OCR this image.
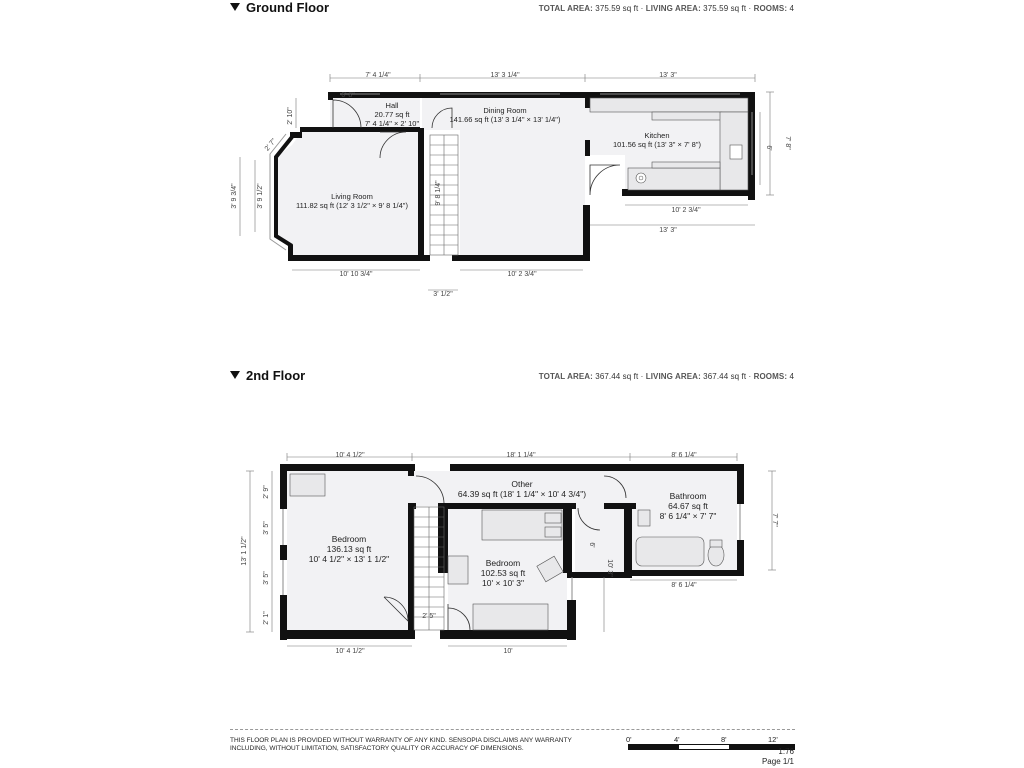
Ground Floor	TOTAL AREA: 375.59 sq ft · LIVING AREA: 375.59 sq ft · ROOMS: 4
2nd Floor	TOTAL AREA: 367.44 sq ft · LIVING AREA: 367.44 sq ft · ROOMS: 4
7' 4 1/4"	13' 3 1/4"	13' 3"
6' 8"
7' 8"
6'
10' 2 3/4"
13' 3"
2' 10"
2' 7"
3' 9 3/4"	3' 9 1/2"	9' 8 1/4"
10' 10 3/4"	10' 2 3/4"
3' 1/2"
Hall
20.77 sq ft
7' 4 1/4" × 2' 10"
Dining Room
141.66 sq ft (13' 3 1/4" × 13' 1/4")
Kitchen
101.56 sq ft (13' 3" × 7' 8")
Living Room
111.82 sq ft (12' 3 1/2" × 9' 8 1/4")
10' 4 1/2"	18' 1 1/4"	8' 6 1/4"
7' 7"
13' 1 1/2"
2' 9"
3' 5"
3' 5"
2' 1"
10' 4 1/2"	10'
8' 6 1/4"
6'
10' 3"
2' 5"
Other
64.39 sq ft (18' 1 1/4" × 10' 4 3/4")
Bedroom
136.13 sq ft
10' 4 1/2" × 13' 1 1/2"	Bedroom
102.53 sq ft
10' × 10' 3"
Bathroom
64.67 sq ft
8' 6 1/4" × 7' 7"
THIS FLOOR PLAN IS PROVIDED WITHOUT WARRANTY OF ANY KIND. SENSOPIA DISCLAIMS ANY WARRANTY INCLUDING, WITHOUT LIMITATION, SATISFACTORY QUALITY OR ACCURACY OF DIMENSIONS.
0'	4'	8'	12'
1:76
Page 1/1
